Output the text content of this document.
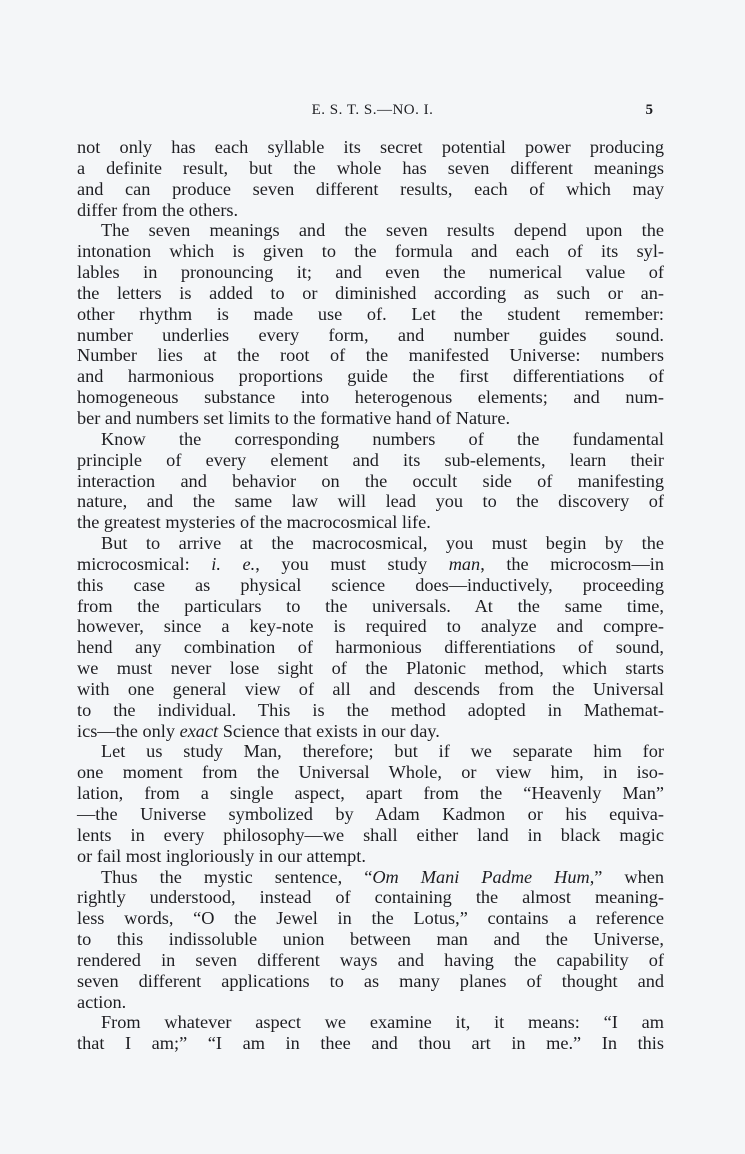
E. S. T. S.—NO. I.	5
not only has each syllable its secret potential power producing
a definite result, but the whole has seven different meanings
and can produce seven different results, each of which may
differ from the others.
The seven meanings and the seven results depend upon the
intonation which is given to the formula and each of its syl-
lables in pronouncing it; and even the numerical value of
the letters is added to or diminished according as such or an-
other rhythm is made use of. Let the student remember:
number underlies every form, and number guides sound.
Number lies at the root of the manifested Universe: numbers
and harmonious proportions guide the first differentiations of
homogeneous substance into heterogenous elements; and num-
ber and numbers set limits to the formative hand of Nature.
Know the corresponding numbers of the fundamental
principle of every element and its sub-elements, learn their
interaction and behavior on the occult side of manifesting
nature, and the same law will lead you to the discovery of
the greatest mysteries of the macrocosmical life.
But to arrive at the macrocosmical, you must begin by the
microcosmical: i. e., you must study man, the microcosm—in
this case as physical science does—inductively, proceeding
from the particulars to the universals. At the same time,
however, since a key-note is required to analyze and compre-
hend any combination of harmonious differentiations of sound,
we must never lose sight of the Platonic method, which starts
with one general view of all and descends from the Universal
to the individual. This is the method adopted in Mathemat-
ics—the only exact Science that exists in our day.
Let us study Man, therefore; but if we separate him for
one moment from the Universal Whole, or view him, in iso-
lation, from a single aspect, apart from the “Heavenly Man”
—the Universe symbolized by Adam Kadmon or his equiva-
lents in every philosophy—we shall either land in black magic
or fail most ingloriously in our attempt.
Thus the mystic sentence, “Om Mani Padme Hum,” when
rightly understood, instead of containing the almost meaning-
less words, “O the Jewel in the Lotus,” contains a reference
to this indissoluble union between man and the Universe,
rendered in seven different ways and having the capability of
seven different applications to as many planes of thought and
action.
From whatever aspect we examine it, it means: “I am
that I am;” “I am in thee and thou art in me.” In this
